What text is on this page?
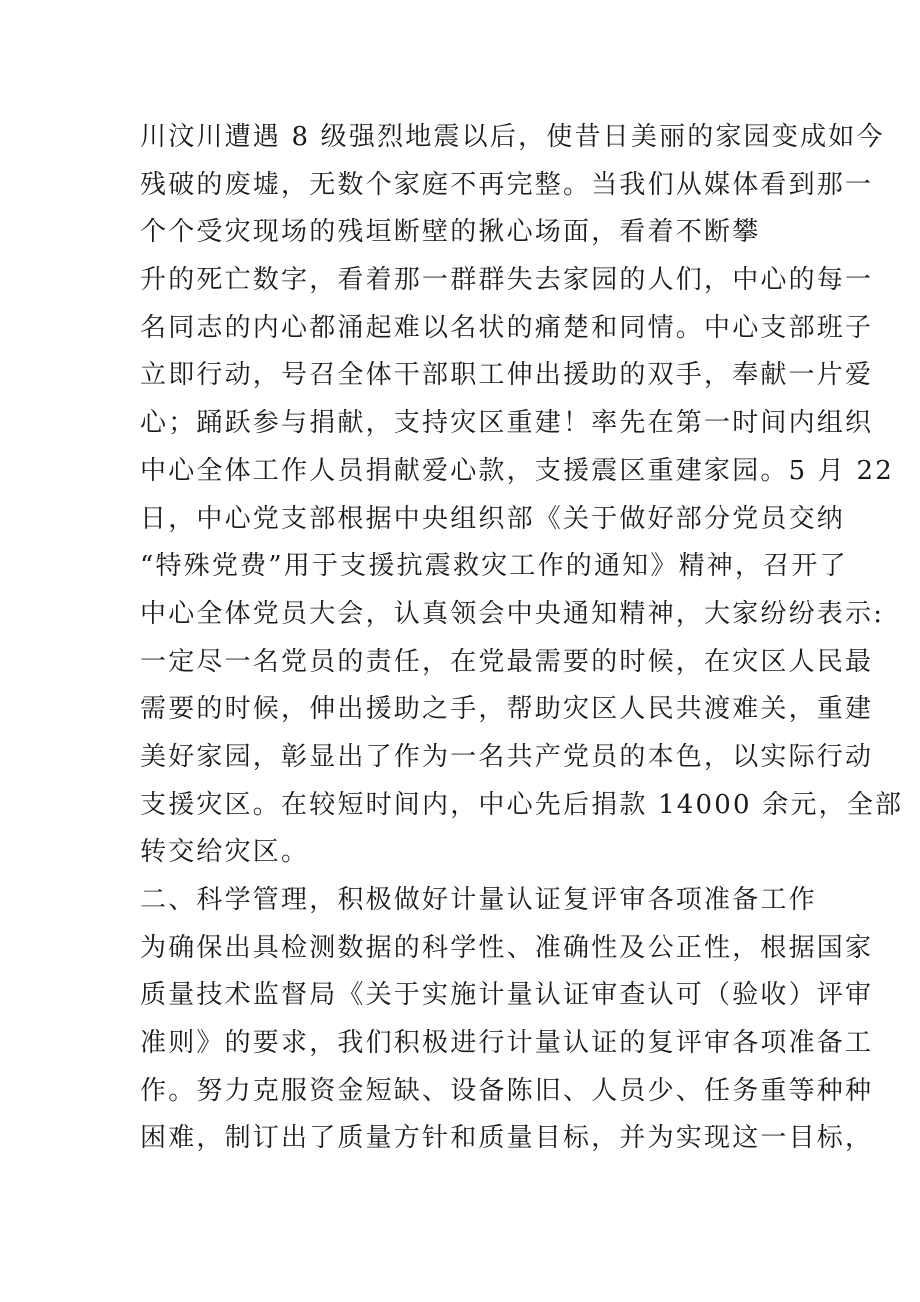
川汶川遭遇 8 级强烈地震以后，使昔日美丽的家园变成如今
残破的废墟，无数个家庭不再完整。当我们从媒体看到那一
个个受灾现场的残垣断壁的揪心场面，看着不断攀
升的死亡数字，看着那一群群失去家园的人们，中心的每一
名同志的内心都涌起难以名状的痛楚和同情。中心支部班子
立即行动，号召全体干部职工伸出援助的双手，奉献一片爱
心；踊跃参与捐献，支持灾区重建！率先在第一时间内组织
中心全体工作人员捐献爱心款，支援震区重建家园。5 月 22
日，中心党支部根据中央组织部《关于做好部分党员交纳
“特殊党费”用于支援抗震救灾工作的通知》精神，召开了
中心全体党员大会，认真领会中央通知精神，大家纷纷表示:
一定尽一名党员的责任，在党最需要的时候，在灾区人民最
需要的时候，伸出援助之手，帮助灾区人民共渡难关，重建
美好家园，彰显出了作为一名共产党员的本色，以实际行动
支援灾区。在较短时间内，中心先后捐款 14000 余元，全部
转交给灾区。
二、科学管理，积极做好计量认证复评审各项准备工作
为确保出具检测数据的科学性、准确性及公正性，根据国家
质量技术监督局《关于实施计量认证审查认可（验收）评审
准则》的要求，我们积极进行计量认证的复评审各项准备工
作。努力克服资金短缺、设备陈旧、人员少、任务重等种种
困难，制订出了质量方针和质量目标，并为实现这一目标，
